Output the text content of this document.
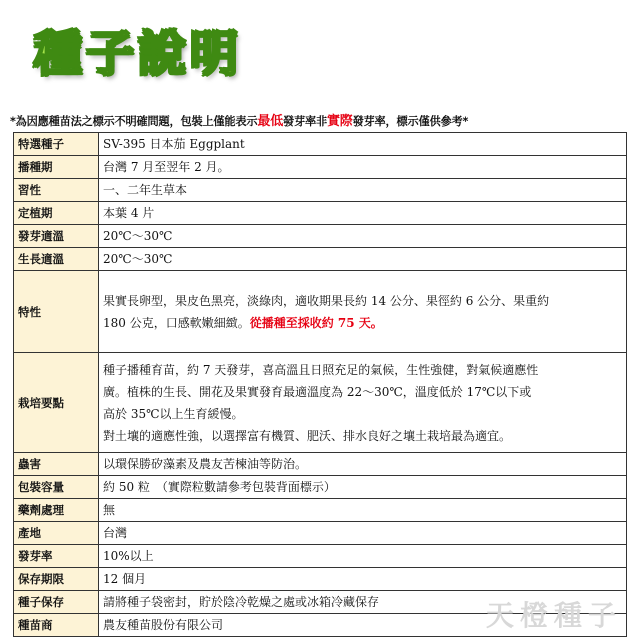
種子說明
*為因應種苗法之標示不明確問題，包裝上僅能表示最低發芽率非實際發芽率，標示僅供參考*
特選種子	SV-395 日本茄 Eggplant
播種期	台灣 7 月至翌年 2 月。
習性	一、二年生草本
定植期	本葉 4 片
發芽適溫	20℃～30℃
生長適溫	20℃～30℃
特性	果實長卵型，果皮色黑亮，淡綠肉，適收期果長約 14 公分、果徑約 6 公分、果重約
180 公克，口感軟嫩細緻。從播種至採收約 75 天。

栽培要點	種子播種育苗，約 7 天發芽，喜高溫且日照充足的氣候，生性強健，對氣候適應性
廣。植株的生長、開花及果實發育最適溫度為 22～30℃，溫度低於 17℃以下或
高於 35℃以上生育緩慢。
對土壤的適應性強，以選擇富有機質、肥沃、排水良好之壤土栽培最為適宜。

蟲害	以環保勝矽藻素及農友苦楝油等防治。
包裝容量	約 50 粒　（實際粒數請參考包裝背面標示）
藥劑處理	無
產地	台灣
發芽率	10%以上
保存期限	12 個月
種子保存	請將種子袋密封，貯於陰冷乾燥之處或冰箱冷藏保存
種苗商	農友種苗股份有限公司	天橙種子
